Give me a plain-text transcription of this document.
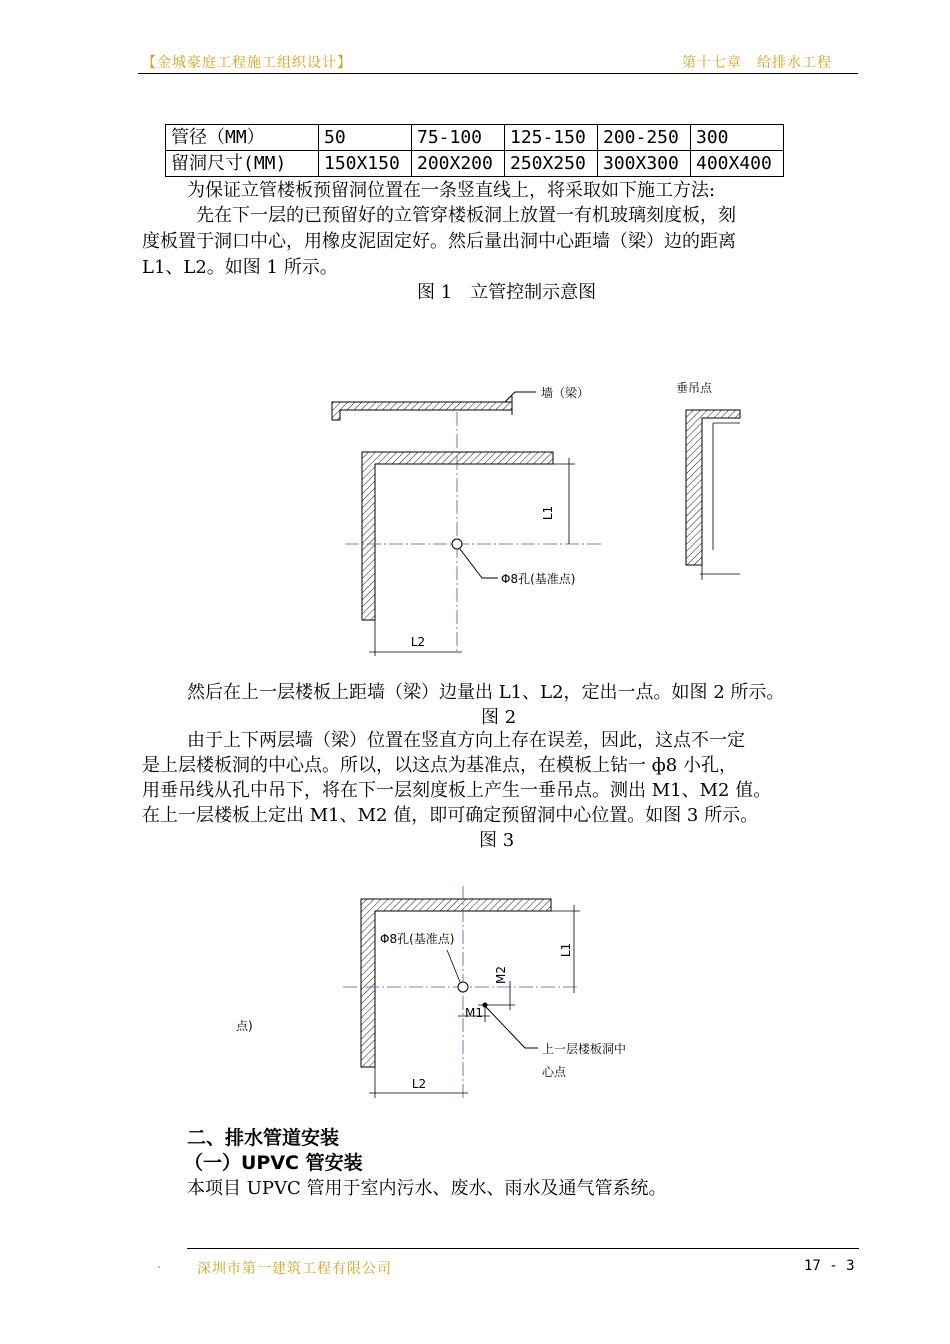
【金城豪庭工程施工组织设计】	第十七章　给排水工程
管径（MM）	50	75-100	125-150	200-250	300
留洞尺寸(MM)	150X150	200X200	250X250	300X300	400X400
为保证立管楼板预留洞位置在一条竖直线上，将采取如下施工方法:
先在下一层的已预留好的立管穿楼板洞上放置一有机玻璃刻度板，刻
度板置于洞口中心，用橡皮泥固定好。然后量出洞中心距墙（梁）边的距离
L1、L2。如图 1 所示。
图 1　立管控制示意图
然后在上一层楼板上距墙（梁）边量出 L1、L2，定出一点。如图 2 所示。
图 2
由于上下两层墙（梁）位置在竖直方向上存在误差，因此，这点不一定
是上层楼板洞的中心点。所以，以这点为基准点，在模板上钻一 ф8 小孔，
用垂吊线从孔中吊下，将在下一层刻度板上产生一垂吊点。测出 M1、M2 值。
在上一层楼板上定出 M1、M2 值，即可确定预留洞中心位置。如图 3 所示。
图 3
二、排水管道安装
（一）UPVC 管安装
本项目 UPVC 管用于室内污水、废水、雨水及通气管系统。
墙（梁）
L1
L2
Φ8孔(基准点)
垂吊点
Φ8孔(基准点)
L1
M2
M1
上一层楼板洞中
心点
L2
点)
·	深圳市第一建筑工程有限公司	17 - 3
